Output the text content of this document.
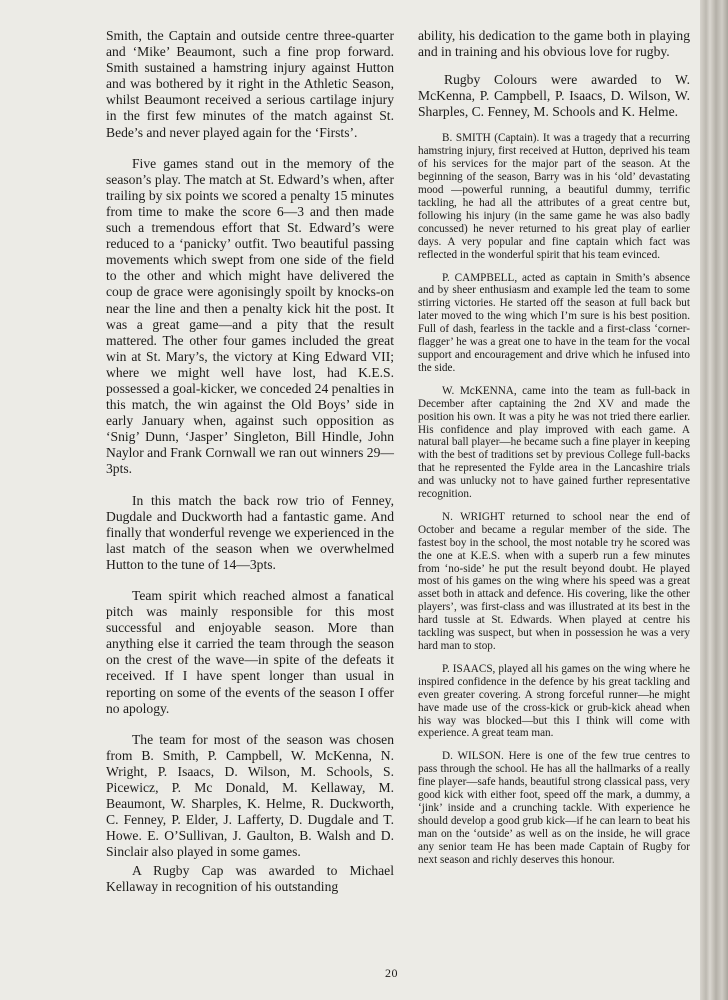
Smith, the Captain and outside centre three-quarter and ‘Mike’ Beaumont, such a fine prop forward. Smith sustained a hamstring injury against Hutton and was bothered by it right in the Athletic Season, whilst Beaumont received a serious cartilage injury in the first few minutes of the match against St. Bede’s and never played again for the ‘Firsts’.

Five games stand out in the memory of the season’s play. The match at St. Edward’s when, after trailing by six points we scored a penalty 15 minutes from time to make the score 6—3 and then made such a tremendous effort that St. Edward’s were reduced to a ‘panicky’ outfit. Two beautiful passing movements which swept from one side of the field to the other and which might have delivered the coup de grace were agonisingly spoilt by knocks-on near the line and then a penalty kick hit the post. It was a great game—and a pity that the result mattered. The other four games included the great win at St. Mary’s, the victory at King Edward VII; where we might well have lost, had K.E.S. possessed a goal-kicker, we conceded 24 penalties in this match, the win against the Old Boys’ side in early January when, against such opposition as ‘Snig’ Dunn, ‘Jasper’ Singleton, Bill Hindle, John Naylor and Frank Cornwall we ran out winners 29—3pts.

In this match the back row trio of Fenney, Dugdale and Duckworth had a fantastic game. And finally that wonderful revenge we experienced in the last match of the season when we overwhelmed Hutton to the tune of 14—3pts.

Team spirit which reached almost a fanatical pitch was mainly responsible for this most successful and enjoyable season. More than anything else it carried the team through the season on the crest of the wave—in spite of the defeats it received. If I have spent longer than usual in reporting on some of the events of the season I offer no apology.

The team for most of the season was chosen from B. Smith, P. Campbell, W. McKenna, N. Wright, P. Isaacs, D. Wilson, M. Schools, S. Picewicz, P. Mc Donald, M. Kellaway, M. Beaumont, W. Sharples, K. Helme, R. Duckworth, C. Fenney, P. Elder, J. Lafferty, D. Dugdale and T. Howe. E. O’Sullivan, J. Gaulton, B. Walsh and D. Sinclair also played in some games.

A Rugby Cap was awarded to Michael Kellaway in recognition of his outstanding

ability, his dedication to the game both in playing and in training and his obvious love for rugby.

Rugby Colours were awarded to W. McKenna, P. Campbell, P. Isaacs, D. Wilson, W. Sharples, C. Fenney, M. Schools and K. Helme.

B. SMITH (Captain). It was a tragedy that a recurring hamstring injury, first received at Hutton, deprived his team of his services for the major part of the season. At the beginning of the season, Barry was in his ‘old’ devastating mood —powerful running, a beautiful dummy, terrific tackling, he had all the attributes of a great centre but, following his injury (in the same game he was also badly concussed) he never returned to his great play of earlier days. A very popular and fine captain which fact was reflected in the wonderful spirit that his team evinced.

P. CAMPBELL, acted as captain in Smith’s absence and by sheer enthusiasm and example led the team to some stirring victories. He started off the season at full back but later moved to the wing which I’m sure is his best position. Full of dash, fearless in the tackle and a first-class ‘corner-flagger’ he was a great one to have in the team for the vocal support and encouragement and drive which he infused into the side.

W. McKENNA, came into the team as full-back in December after captaining the 2nd XV and made the position his own. It was a pity he was not tried there earlier. His confidence and play improved with each game. A natural ball player—he became such a fine player in keeping with the best of traditions set by previous College full-backs that he represented the Fylde area in the Lancashire trials and was unlucky not to have gained further representative recognition.

N. WRIGHT returned to school near the end of October and became a regular member of the side. The fastest boy in the school, the most notable try he scored was the one at K.E.S. when with a superb run a few minutes from ‘no-side’ he put the result beyond doubt. He played most of his games on the wing where his speed was a great asset both in attack and defence. His covering, like the other players’, was first-class and was illustrated at its best in the hard tussle at St. Edwards. When played at centre his tackling was suspect, but when in possession he was a very hard man to stop.

P. ISAACS, played all his games on the wing where he inspired confidence in the defence by his great tackling and even greater covering. A strong forceful runner—he might have made use of the cross-kick or grub-kick ahead when his way was blocked—but this I think will come with experience. A great team man.

D. WILSON. Here is one of the few true centres to pass through the school. He has all the hallmarks of a really fine player—safe hands, beautiful strong classical pass, very good kick with either foot, speed off the mark, a dummy, a ‘jink’ inside and a crunching tackle. With experience he should develop a good grub kick—if he can learn to beat his man on the ‘outside’ as well as on the inside, he will grace any senior team He has been made Captain of Rugby for next season and richly deserves this honour.

20
